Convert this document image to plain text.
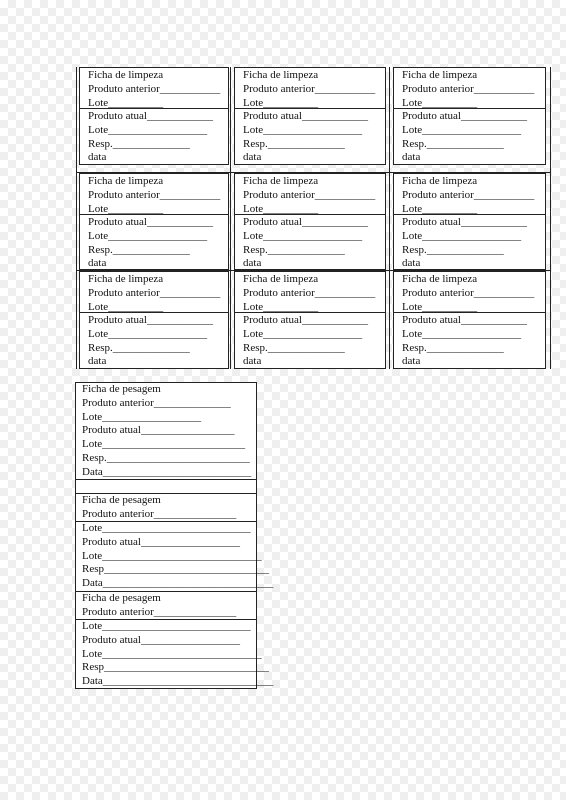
Ficha de limpeza
Produto anterior___________
Lote__________
Produto atual____________
Lote__________________
Resp.______________
data
Ficha de limpeza
Produto anterior___________
Lote__________
Produto atual____________
Lote__________________
Resp.______________
data
Ficha de limpeza
Produto anterior___________
Lote__________
Produto atual____________
Lote__________________
Resp.______________
data
Ficha de limpeza
Produto anterior___________
Lote__________
Produto atual____________
Lote__________________
Resp.______________
data
Ficha de limpeza
Produto anterior___________
Lote__________
Produto atual____________
Lote__________________
Resp.______________
data
Ficha de limpeza
Produto anterior___________
Lote__________
Produto atual____________
Lote__________________
Resp.______________
data
Ficha de limpeza
Produto anterior___________
Lote__________
Produto atual____________
Lote__________________
Resp.______________
data
Ficha de limpeza
Produto anterior___________
Lote__________
Produto atual____________
Lote__________________
Resp.______________
data
Ficha de limpeza
Produto anterior___________
Lote__________
Produto atual____________
Lote__________________
Resp.______________
data
Ficha de pesagem
Produto anterior______________
Lote__________________
Produto atual_________________
Lote__________________________
Resp.__________________________
Data___________________________
Ficha de pesagem
Produto anterior_______________
Lote___________________________
Produto atual__________________
Lote_____________________________
Resp______________________________
Data_______________________________
Ficha de pesagem
Produto anterior_______________
Lote___________________________
Produto atual__________________
Lote_____________________________
Resp______________________________
Data_______________________________
